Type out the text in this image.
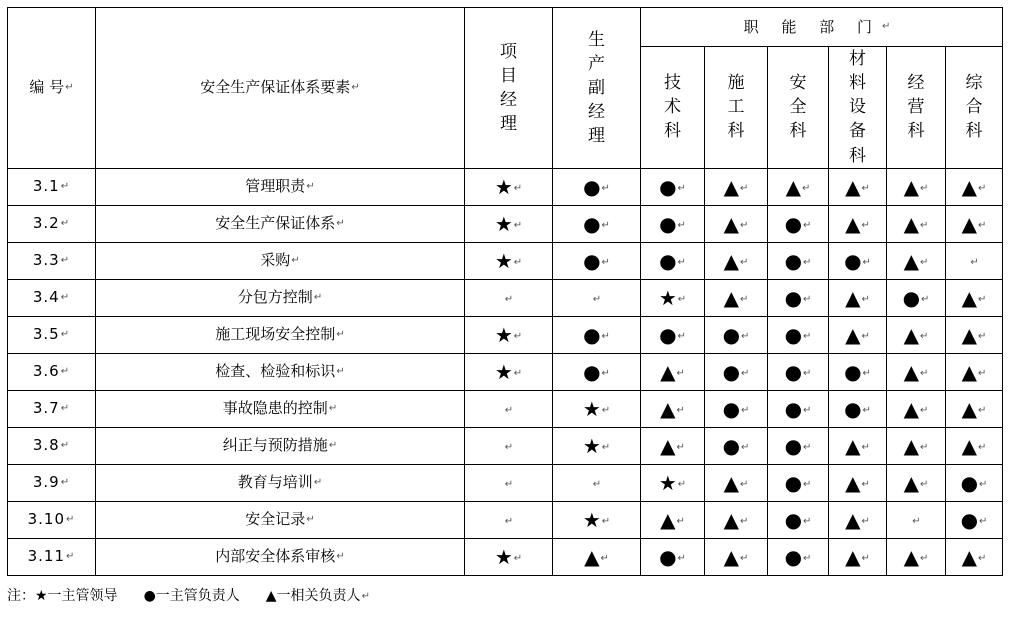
编 号↵	安全生产保证体系要素↵	项目经理	生产副经理	职 能 部 门↵					
				技术科	施工科	安全科	材料设备科	经营科	综合科
3.1↵	管理职责↵	★↵	●↵	●↵	▲↵	▲↵	▲↵	▲↵	▲↵
3.2↵	安全生产保证体系↵	★↵	●↵	●↵	▲↵	●↵	▲↵	▲↵	▲↵
3.3↵	采购↵	★↵	●↵	●↵	▲↵	●↵	●↵	▲↵	↵
3.4↵	分包方控制↵	↵	↵	★↵	▲↵	●↵	▲↵	●↵	▲↵
3.5↵	施工现场安全控制↵	★↵	●↵	●↵	●↵	●↵	▲↵	▲↵	▲↵
3.6↵	检查、检验和标识↵	★↵	●↵	▲↵	●↵	●↵	●↵	▲↵	▲↵
3.7↵	事故隐患的控制↵	↵	★↵	▲↵	●↵	●↵	●↵	▲↵	▲↵
3.8↵	纠正与预防措施↵	↵	★↵	▲↵	●↵	●↵	▲↵	▲↵	▲↵
3.9↵	教育与培训↵	↵	↵	★↵	▲↵	●↵	▲↵	▲↵	●↵
3.10↵	安全记录↵	↵	★↵	▲↵	▲↵	●↵	▲↵	↵	●↵
3.11↵	内部安全体系审核↵	★↵	▲↵	●↵	▲↵	●↵	▲↵	▲↵	▲↵
注：★一主管领导 ●一主管负责人 ▲一相关负责人↵
